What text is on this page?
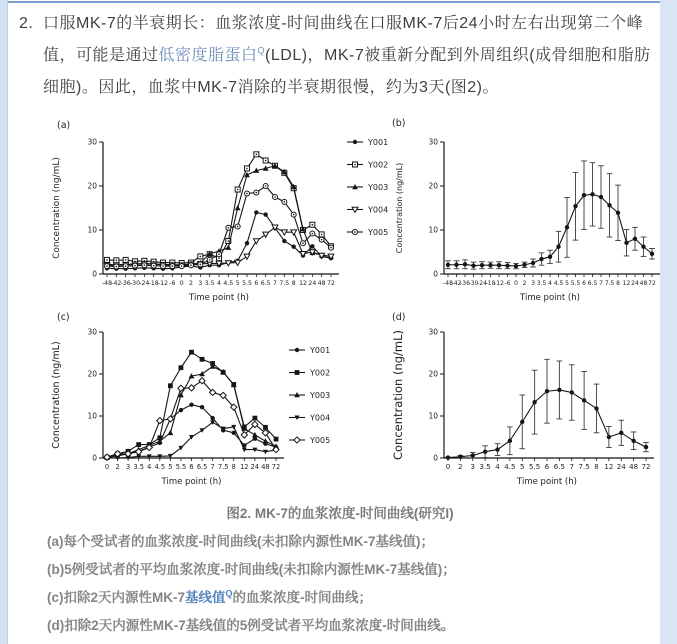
2. 口服MK-7的半衰期长：血浆浓度-时间曲线在口服MK-7后24小时左右出现第二个峰值，可能是通过低密度脂蛋白$^Q$(LDL)，MK-7被重新分配到外周组织(成骨细胞和脂肪细胞)。因此，血浆中MK-7消除的半衰期很慢，约为3天(图2)。
0
10
20
30
-48 -42 -36 -30 -24 -18 -12 -6 0 2 3 3.5 4 4.5 5 5.5 6 6.5 7 7.5 8 12 24 48 72
Time point (h)
Concentration (ng/mL)
(a)
Y001
Y002
Y003
Y004
Y005
0
10
20
30
-48
-42
-36
-30
-24
-18
-12 -6 0 2 3 3.5 4 4.5 5 5.5 6 6.5 7 7.5 8 12 24 48 72
Time point (h)
Concentration (ng/mL)
(b)
0
10
20
30
0 2 3 3.5 4 4.5 5 5.5 6 6.5 7 7.5 8 12 24 48 72
Time point (h)
Concentration (ng/mL)
(c)
Y001
Y002
Y003
Y004
Y005
0
10
20
30
0 2 3 3.5 4 4.5 5 5.5 6 6.5 7 7.5 8 12 24 48 72
Time point (h)
Concentration (ng/mL)
(d)
图2. MK-7的血浆浓度-时间曲线(研究I)
(a)每个受试者的血浆浓度-时间曲线(未扣除内源性MK-7基线值)；
(b)5例受试者的平均血浆浓度-时间曲线(未扣除内源性MK-7基线值)；
(c)扣除2天内源性MK-7基线值$^Q$的血浆浓度-时间曲线；
(d)扣除2天内源性MK-7基线值的5例受试者平均血浆浓度-时间曲线。
